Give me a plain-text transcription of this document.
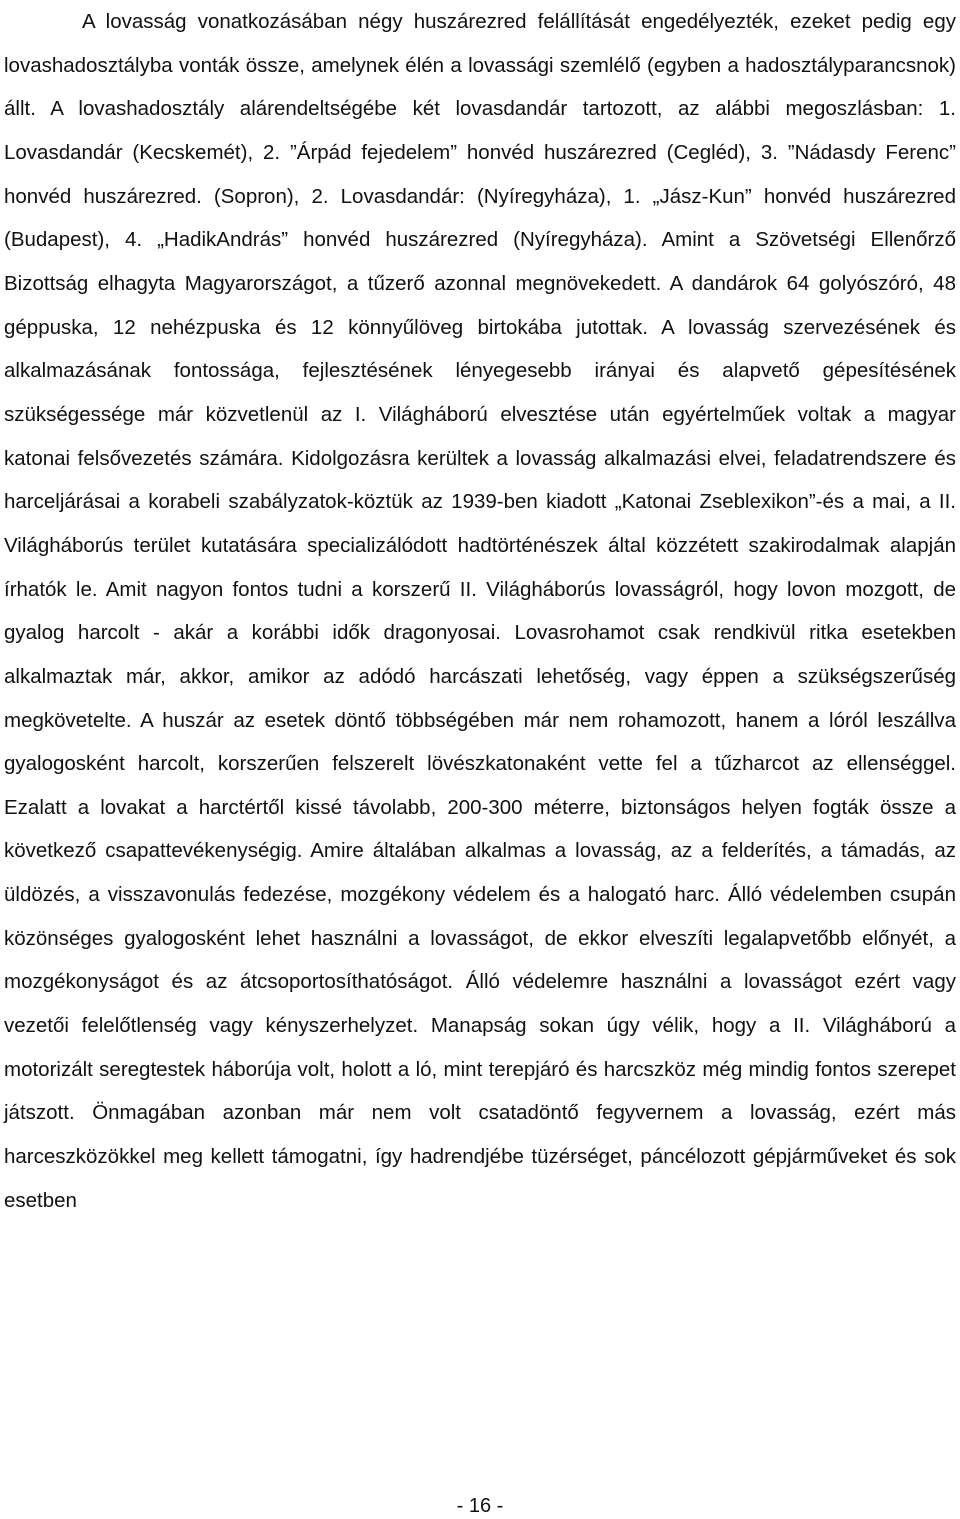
A lovasság vonatkozásában négy huszárezred felállítását engedélyezték, ezeket pedig egy lovashadosztályba vonták össze, amelynek élén a lovassági szemlélő (egyben a hadosztályparancsnok) állt. A lovashadosztály alárendeltségébe két lovasdandár tartozott, az alábbi megoszlásban: 1. Lovasdandár (Kecskemét), 2. ”Árpád fejedelem” honvéd huszárezred (Cegléd), 3. ”Nádasdy Ferenc” honvéd huszárezred. (Sopron), 2. Lovasdandár: (Nyíregyháza), 1. „Jász-Kun” honvéd huszárezred (Budapest), 4. „HadikAndrás” honvéd huszárezred (Nyíregyháza). Amint a Szövetségi Ellenőrző Bizottság elhagyta Magyarországot, a tűzerő azonnal megnövekedett. A dandárok 64 golyószóró, 48 géppuska, 12 nehézpuska és 12 könnyűlöveg birtokába jutottak. A lovasság szervezésének és alkalmazásának fontossága, fejlesztésének lényegesebb irányai és alapvető gépesítésének szükségessége már közvetlenül az I. Világháború elvesztése után egyértelműek voltak a magyar katonai felsővezetés számára. Kidolgozásra kerültek a lovasság alkalmazási elvei, feladatrendszere és harceljárásai a korabeli szabályzatok-köztük az 1939-ben kiadott „Katonai Zseblexikon”-és a mai, a II. Világháborús terület kutatására specializálódott hadtörténészek által közzétett szakirodalmak alapján írhatók le. Amit nagyon fontos tudni a korszerű II. Világháborús lovasságról, hogy lovon mozgott, de gyalog harcolt - akár a korábbi idők dragonyosai. Lovasrohamot csak rendkivül ritka esetekben alkalmaztak már, akkor, amikor az adódó harcászati lehetőség, vagy éppen a szükségszerűség megkövetelte. A huszár az esetek döntő többségében már nem rohamozott, hanem a lóról leszállva gyalogosként harcolt, korszerűen felszerelt lövészkatonaként vette fel a tűzharcot az ellenséggel. Ezalatt a lovakat a harctértől kissé távolabb, 200-300 méterre, biztonságos helyen fogták össze a következő csapattevékenységig. Amire általában alkalmas a lovasság, az a felderítés, a támadás, az üldözés, a visszavonulás fedezése, mozgékony védelem és a halogató harc. Álló védelemben csupán közönséges gyalogosként lehet használni a lovasságot, de ekkor elveszíti legalapvetőbb előnyét, a mozgékonyságot és az átcsoportosíthatóságot. Álló védelemre használni a lovasságot ezért vagy vezetői felelőtlenség vagy kényszerhelyzet. Manapság sokan úgy vélik, hogy a II. Világháború a motorizált seregtestek háborúja volt, holott a ló, mint terepjáró és harcszköz még mindig fontos szerepet játszott. Önmagában azonban már nem volt csatadöntő fegyvernem a lovasság, ezért más harceszközökkel meg kellett támogatni, így hadrendjébe tüzérséget, páncélozott gépjárműveket és sok esetben

- 16 -
